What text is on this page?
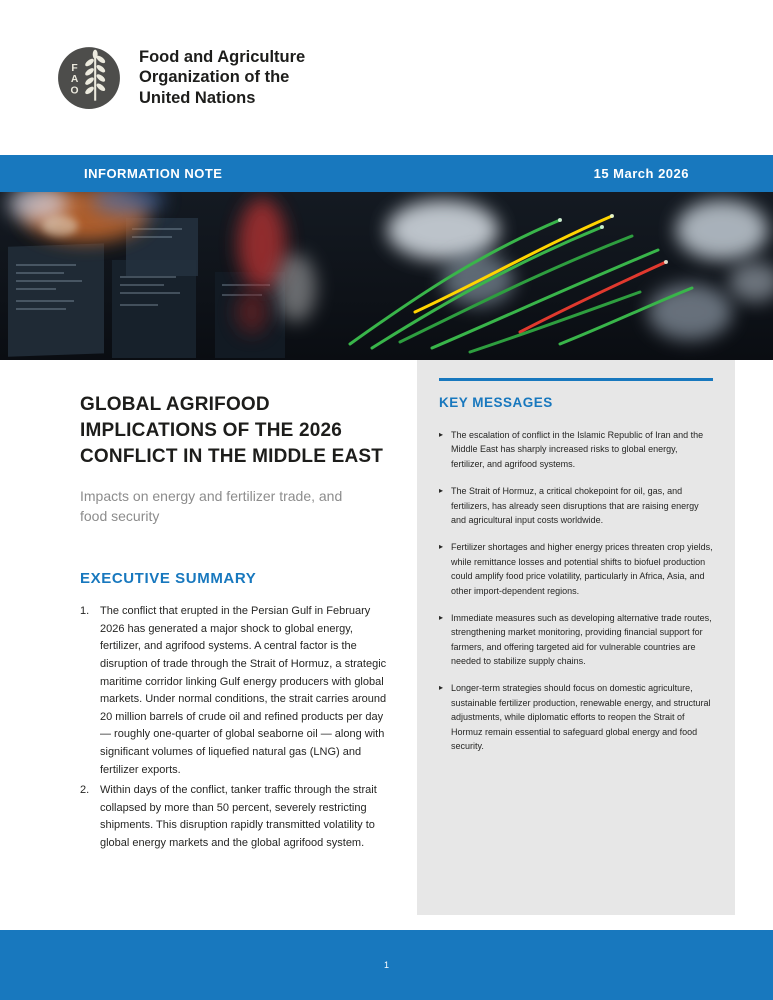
F
A
O
Food and Agriculture
Organization of the
United Nations
INFORMATION NOTE	15 March 2026
GLOBAL AGRIFOOD
IMPLICATIONS OF THE 2026
CONFLICT IN THE MIDDLE EAST
Impacts on energy and fertilizer trade, and food security
EXECUTIVE SUMMARY
1. The conflict that erupted in the Persian Gulf in February 2026 has generated a major shock to global energy, fertilizer, and agrifood systems. A central factor is the disruption of trade through the Strait of Hormuz, a strategic maritime corridor linking Gulf energy producers with global markets. Under normal conditions, the strait carries around 20 million barrels of crude oil and refined products per day — roughly one-quarter of global seaborne oil — along with significant volumes of liquefied natural gas (LNG) and fertilizer exports.
2. Within days of the conflict, tanker traffic through the strait collapsed by more than 50 percent, severely restricting shipments. This disruption rapidly transmitted volatility to global energy markets and the global agrifood system.
KEY MESSAGES
▸ The escalation of conflict in the Islamic Republic of Iran and the Middle East has sharply increased risks to global energy, fertilizer, and agrifood systems.
▸ The Strait of Hormuz, a critical chokepoint for oil, gas, and fertilizers, has already seen disruptions that are raising energy and agricultural input costs worldwide.
▸ Fertilizer shortages and higher energy prices threaten crop yields, while remittance losses and potential shifts to biofuel production could amplify food price volatility, particularly in Africa, Asia, and other import-dependent regions.
▸ Immediate measures such as developing alternative trade routes, strengthening market monitoring, providing financial support for farmers, and offering targeted aid for vulnerable countries are needed to stabilize supply chains.
▸ Longer-term strategies should focus on domestic agriculture, sustainable fertilizer production, renewable energy, and structural adjustments, while diplomatic efforts to reopen the Strait of Hormuz remain essential to safeguard global energy and food security.
1
